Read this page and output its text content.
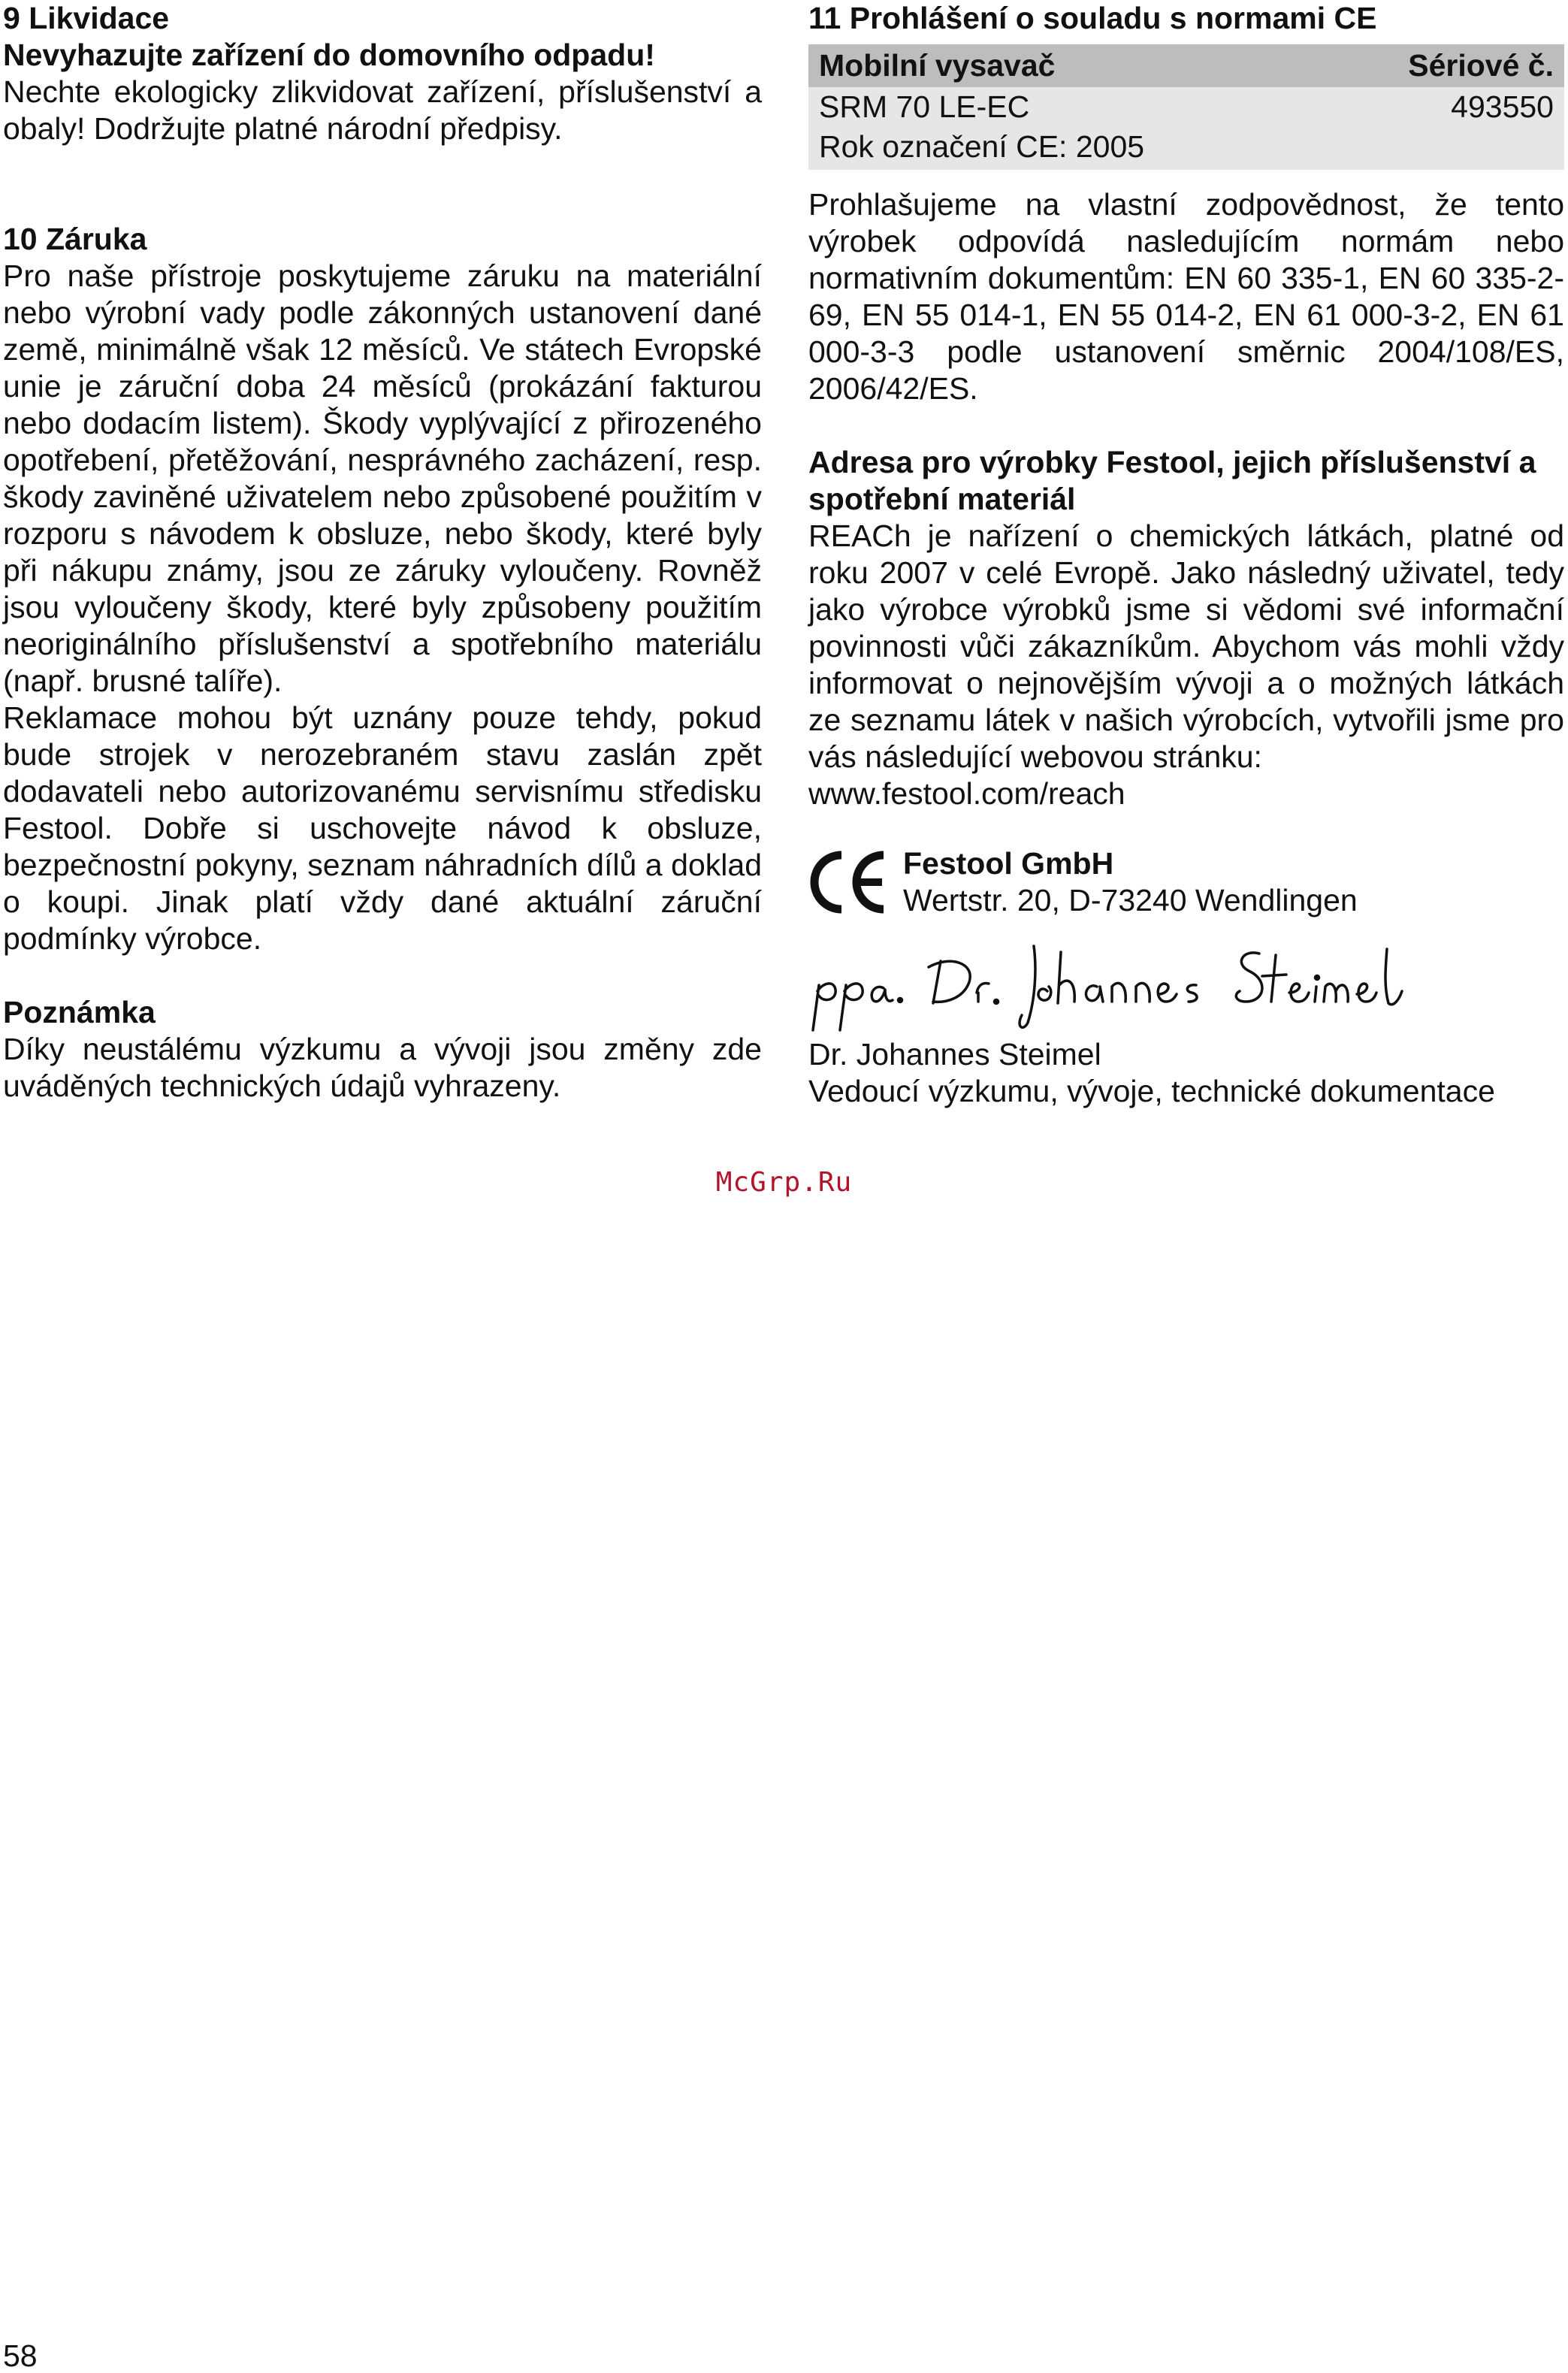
9 Likvidace
Nevyhazujte zařízení do domovního odpadu!

Nechte ekologicky zlikvidovat zařízení, příslušenství a obaly! Dodržujte platné národní předpisy.

10 Záruka

Pro naše přístroje poskytujeme záruku na materiální nebo výrobní vady podle zákonných ustanovení dané země, minimálně však 12 měsíců. Ve státech Evropské unie je záruční doba 24 měsíců (prokázání fakturou nebo dodacím listem). Škody vyplývající z přirozeného opotřebení, přetěžování, nesprávného zacházení, resp. škody zaviněné uživatelem nebo způsobené použitím v rozporu s návodem k obsluze, nebo škody, které byly při nákupu známy, jsou ze záruky vyloučeny. Rovněž jsou vyloučeny škody, které byly způsobeny použitím neoriginálního příslušenství a spotřebního materiálu (např. brusné talíře).

Reklamace mohou být uznány pouze tehdy, pokud bude strojek v nerozebraném stavu zaslán zpět dodavateli nebo autorizovanému servisnímu středisku Festool. Dobře si uschovejte návod k obsluze, bezpečnostní pokyny, seznam náhradních dílů a doklad o koupi. Jinak platí vždy dané aktuální záruční podmínky výrobce.

Poznámka

Díky neustálému výzkumu a vývoji jsou změny zde uváděných technických údajů vyhrazeny.

11 Prohlášení o souladu s normami CE
Mobilní vysavač	Sériové č.
SRM 70 LE-EC	493550
Rok označení CE: 2005	

Prohlašujeme na vlastní zodpovědnost, že tento výrobek odpovídá nasledujícím normám nebo normativním dokumentům: EN 60 335-1, EN 60 335-2-69, EN 55 014-1, EN 55 014-2, EN 61 000-3-2, EN 61 000-3-3 podle ustanovení směrnic 2004/108/ES, 2006/42/ES.

Adresa pro výrobky Festool, jejich příslušenství a spotřební materiál

REACh je nařízení o chemických látkách, platné od roku 2007 v celé Evropě. Jako následný uživatel, tedy jako výrobce výrobků jsme si vědomi své informační povinnosti vůči zákazníkům. Abychom vás mohli vždy informovat o nejnovějším vývoji a o možných látkách ze seznamu látek v našich výrobcích, vytvořili jsme pro vás následující webovou stránku:

www.festool.com/reach
Festool GmbH
Wertstr. 20, D-73240 Wendlingen
Dr. Johannes Steimel
Vedoucí výzkumu, vývoje, technické dokumentace
McGrp.Ru
58
